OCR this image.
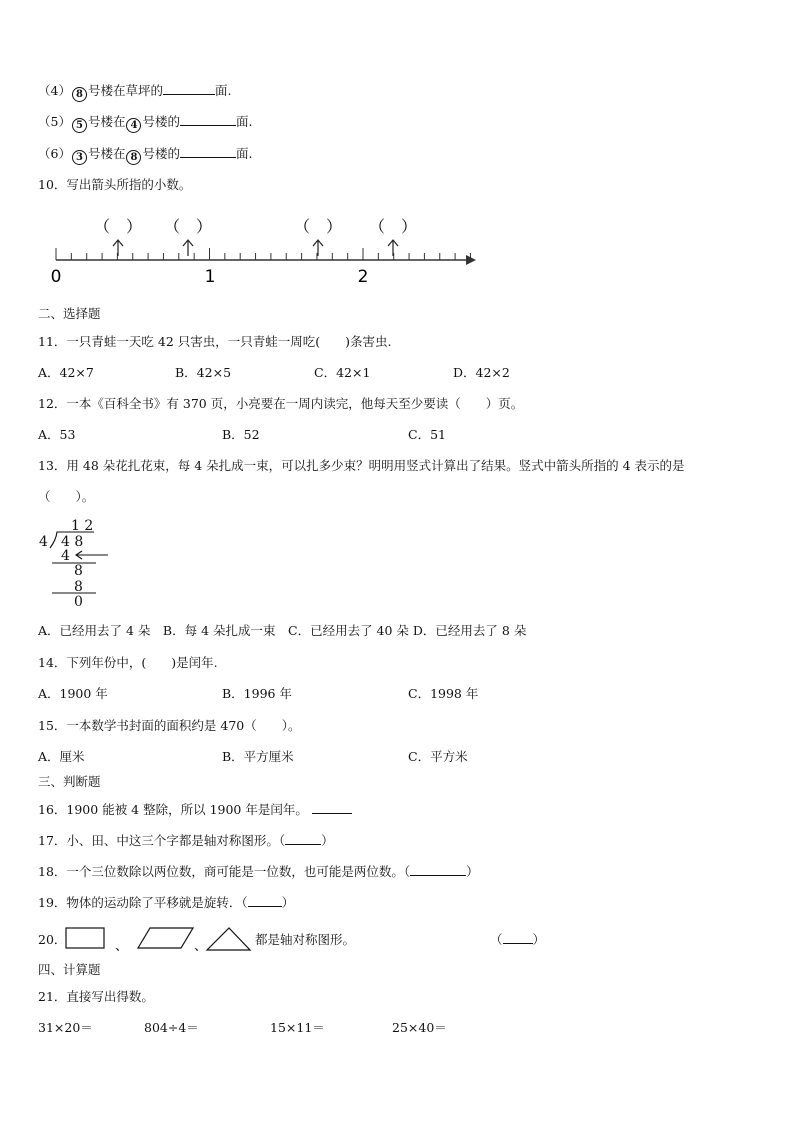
（4） 8 号楼在草坪的	面.
（5） 5 号楼在 4 号楼的	面.
（6） 3 号楼在 8 号楼的	面.
10．写出箭头所指的小数。
（　） （　）	（　） （　）
0	1	2
二、选择题
11．一只青蛙一天吃 42 只害虫，一只青蛙一周吃(　　)条害虫.
A．42×7	B．42×5	C．42×1	D．42×2
12．一本《百科全书》有 370 页，小亮要在一周内读完，他每天至少要读（　　）页。
A．53	B．52	C．51
13．用 48 朵花扎花束，每 4 朵扎成一束，可以扎多少束？明明用竖式计算出了结果。竖式中箭头所指的 4 表示的是
（　　）。
1 2
4 4 8
4
8
8
0
A．已经用去了 4 朵　B．每 4 朵扎成一束　C．已经用去了 40 朵 D．已经用去了 8 朵
14．下列年份中，(　　)是闰年.
A．1900 年	B．1996 年	C．1998 年
15．一本数学书封面的面积约是 470（　　）。
A．厘米	B．平方厘米	C．平方米
三、判断题
16．1900 能被 4 整除，所以 1900 年是闰年。
17．小、田、中这三个字都是轴对称图形。（	）
18．一个三位数除以两位数，商可能是一位数，也可能是两位数。（	）
19．物体的运动除了平移就是旋转．（	）
20．	、	、	都是轴对称图形。	（ ）
四、计算题
21．直接写出得数。
31×20＝	804÷4＝	15×11＝	25×40＝
